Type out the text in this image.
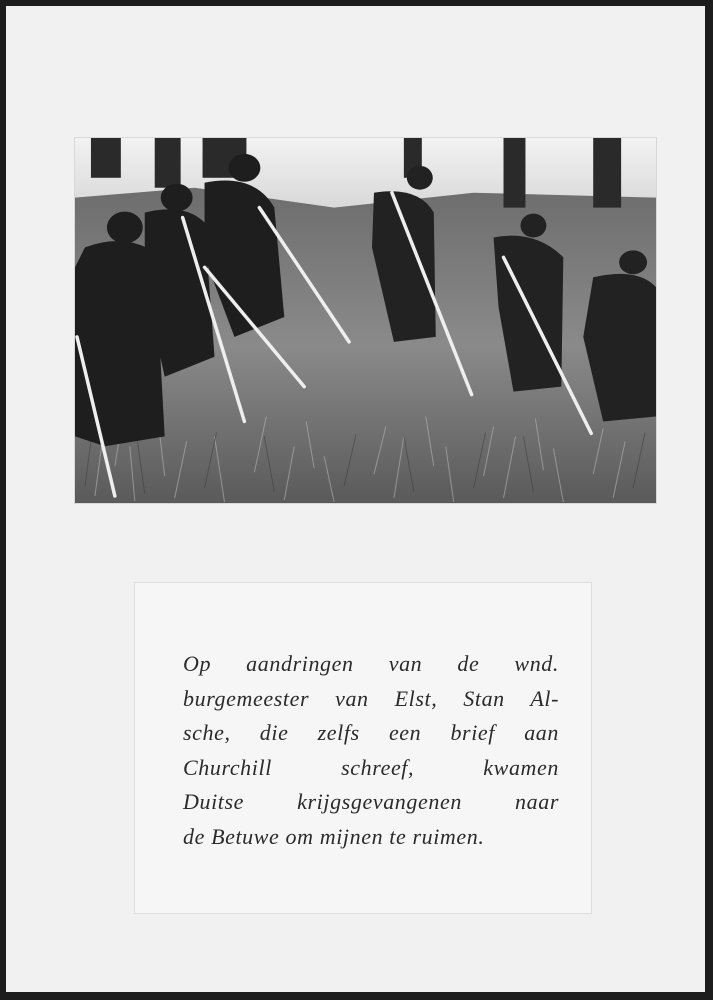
Op aandringen van de wnd.
burgemeester van Elst, Stan Al-
sche, die zelfs een brief aan
Churchill schreef, kwamen
Duitse krijgsgevangenen naar
de Betuwe om mijnen te ruimen.
